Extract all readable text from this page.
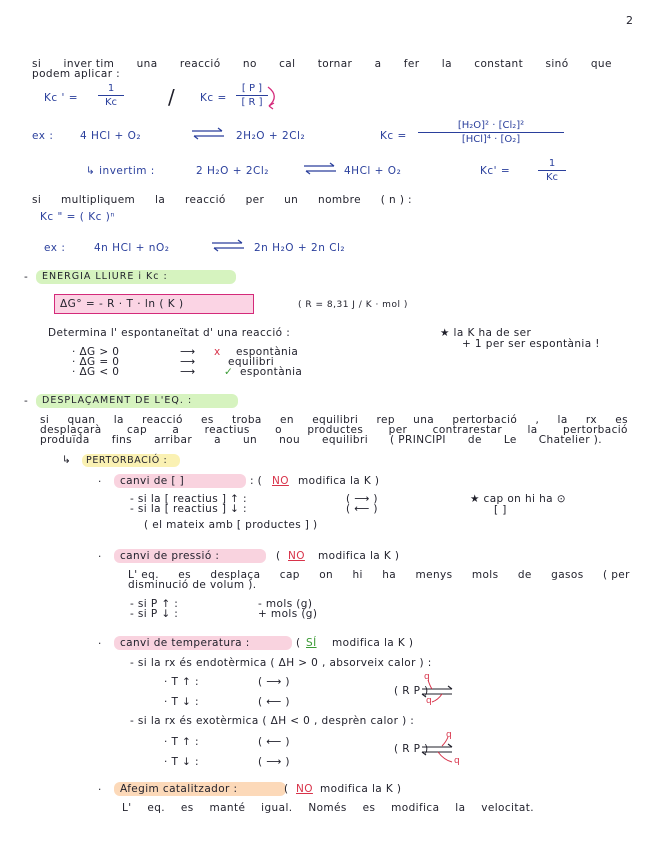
2
si inver tim una reacció no cal tornar a fer la constant sinó que
podem aplicar :
Kc ' = $\frac{1}{Kc} / Kc = \frac{[ P ]}{[ R ]}$
ex :	4 HCl + O₂	⇌ 2H₂O + 2Cl₂	Kc =
[H₂O]² · [Cl₂]²
[HCl]⁴ · [O₂]
↳ invertim :	2 H₂O + 2Cl₂ ⇌ 4HCl + O₂	Kc' =	$\frac{1}{Kc}$
si multipliquem la reacció per un nombre ( n ) :
Kc " = ( Kc )ⁿ
ex :	4n HCl + nO₂	⇌ 2n H₂O + 2n Cl₂
- ENERGIA LLIURE i Kc :
ΔG° = - R · T · ln ( K )	( R = 8,31 J / K · mol )
Determina l' espontaneïtat d' una reacció :	★ la K ha de ser
+ 1 per ser espontània !
· ΔG > 0	⟶ x espontània
· ΔG = 0	⟶	equilibri
· ΔG < 0	⟶	✓ espontània
- DESPLAÇAMENT DE L'EQ. :
si quan la reacció es troba en equilibri rep una pertorbació , la rx es
desplaçarà cap a reactius o productes per contrarestar la pertorbació
produïda fins arribar a un nou equilibri ( PRINCIPI de Le Chatelier ).
↳ PERTORBACIÓ :
· canvi de [ ]	: ( NO modifica la K )
- si la [ reactius ] ↑ :	( ⟶ )
- si la [ reactius ] ↓ :	( ⟵ )
★ cap on hi ha ⊙
[ ]
( el mateix amb [ productes ] )
· canvi de pressió :	( NO modifica la K )
L' eq. es desplaça cap on hi ha menys mols de gasos ( per
disminució de volum ).
- si P ↑ :	- mols (g)
- si P ↓ :	+ mols (g)
· canvi de temperatura :	( SÍ modifica la K )
- si la rx és endotèrmica ( ΔH > 0 , absorveix calor ) :
· T ↑ :	( ⟶ )
· T ↓ :	( ⟵ )
( R P )
q
q
- si la rx és exotèrmica ( ΔH < 0 , desprèn calor ) :
· T ↑ :	( ⟵ )
· T ↓ :	( ⟶ )
( R P )
q
q
· Afegim catalitzador :	( NO modifica la K )
L' eq. es manté igual. Només es modifica la velocitat.
